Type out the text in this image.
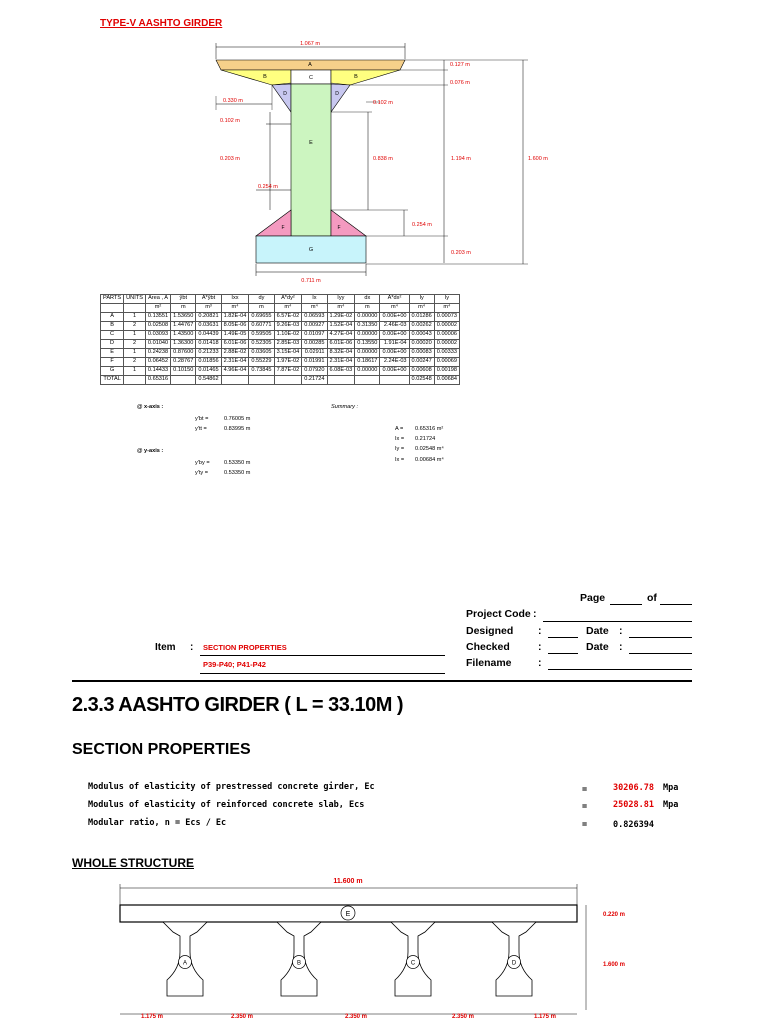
TYPE-V AASHTO GIRDER
1.067 m
A
B	C	B
D	D
E
F	F
G
0.711 m
0.127 m
0.076 m
1.194 m	1.600 m
0.838 m
0.254 m
0.203 m
0.102 m
0.330 m
0.102 m
0.203 m
0.254 m
PARTS	UNITS	Area , A	ȳbt	A*ȳbt	Ixx	dy	A*dy²	Ix	Iyy	dx	A*dx²	Iy	Iy
		m²	m	m³	m⁴	m	m⁴	m⁴	m⁴	m	m⁴	m⁴	m⁴
A	1	0.13551	1.53650	0.20821	1.82E-04	0.69655	6.57E-02	0.06593	1.29E-02	0.00000	0.00E+00	0.01286	0.00073
B	2	0.02508	1.44767	0.03631	8.05E-06	0.60771	9.26E-03	0.00927	1.52E-04	0.31350	2.46E-03	0.00262	0.00002
C	1	0.03093	1.43500	0.04439	1.49E-05	0.59505	1.10E-02	0.01097	4.27E-04	0.00000	0.00E+00	0.00043	0.00006
D	2	0.01040	1.36300	0.01418	6.01E-06	0.52305	2.85E-03	0.00285	6.01E-06	0.13550	1.91E-04	0.00020	0.00002
E	1	0.24238	0.87600	0.21233	2.88E-02	0.03605	3.15E-04	0.02911	8.32E-04	0.00000	0.00E+00	0.00083	0.00333
F	2	0.06452	0.28767	0.01856	2.31E-04	0.55229	1.97E-02	0.01991	2.31E-04	0.18617	2.24E-03	0.00247	0.00069
G	1	0.14433	0.10150	0.01465	4.96E-04	0.73845	7.87E-02	0.07920	6.08E-03	0.00000	0.00E+00	0.00608	0.00198
TOTAL		0.65316		0.54862				0.21724				0.02548	0.00684
@ x-axis :
y'bt =	0.76005 m
y'tt =	0.83995 m
@ y-axis :
y'by =	0.53350 m
y'ty =	0.53350 m
Summary :
A = 0.65316 m²
Ix = 0.21724
Iy = 0.02548 m⁴
Ix = 0.00684 m⁴
Page	of
Project Code :
Designed :	Date :
Checked	:	Date :
Filename	:
Item : SECTION PROPERTIES
P39-P40; P41-P42
2.3.3 AASHTO GIRDER ( L = 33.10M )
SECTION PROPERTIES
Modulus of elasticity of prestressed concrete girder, Ec	=	30206.78 Mpa
Modulus of elasticity of reinforced concrete slab, Ecs	=	25028.81 Mpa
Modular ratio, n = Ecs / Ec	=	0.826394
WHOLE STRUCTURE
11.600 m
E	0.220 m
1.600 m
A	B	C	D
1.175 m	2.350 m	2.350 m	2.350 m	1.175 m
